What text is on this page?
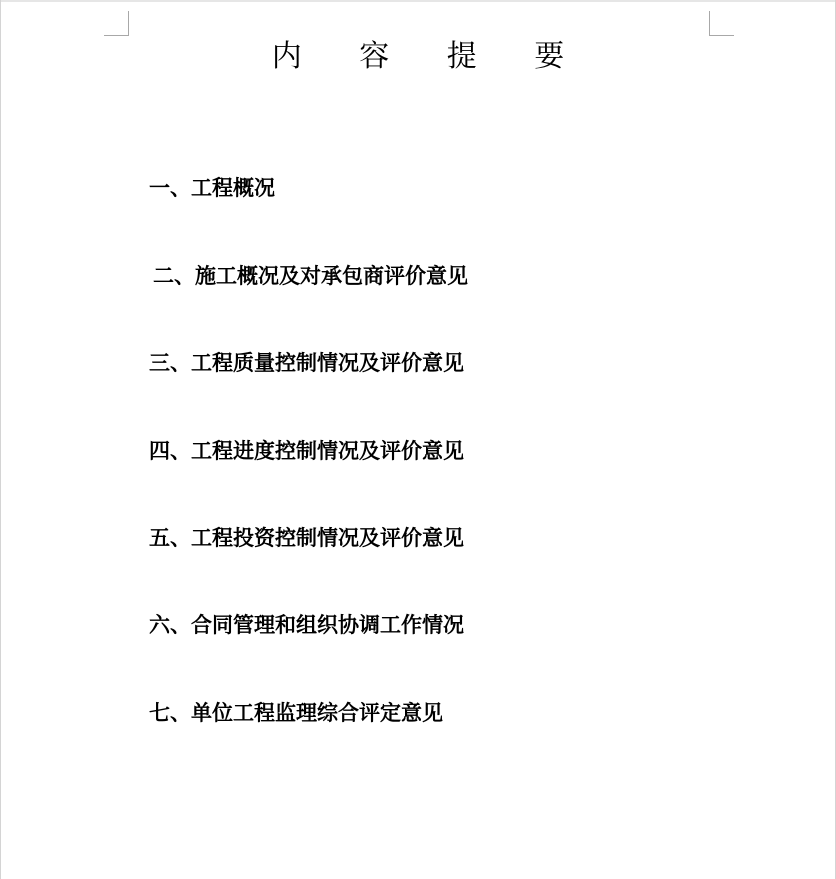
内 容 提 要
一、工程概况
二、施工概况及对承包商评价意见
三、工程质量控制情况及评价意见
四、工程进度控制情况及评价意见
五、工程投资控制情况及评价意见
六、合同管理和组织协调工作情况
七、单位工程监理综合评定意见
